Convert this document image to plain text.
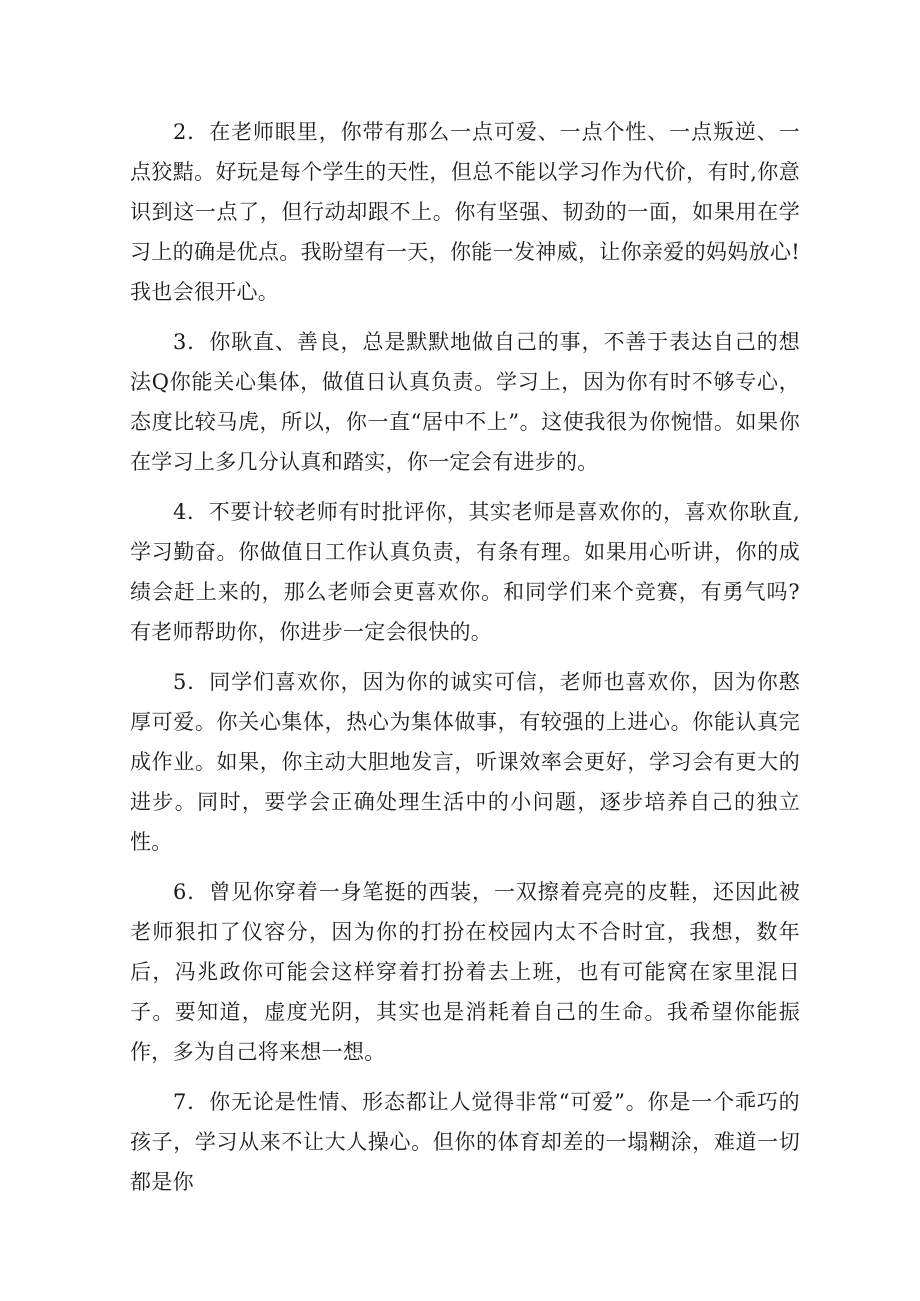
2．在老师眼里，你带有那么一点可爱、一点个性、一点叛逆、一点狡黠。好玩是每个学生的天性，但总不能以学习作为代价，有时,你意识到这一点了，但行动却跟不上。你有坚强、韧劲的一面，如果用在学习上的确是优点。我盼望有一天，你能一发神威，让你亲爱的妈妈放心!我也会很开心。

3．你耿直、善良，总是默默地做自己的事，不善于表达自己的想法Q你能关心集体，做值日认真负责。学习上，因为你有时不够专心，态度比较马虎，所以，你一直“居中不上”。这使我很为你惋惜。如果你在学习上多几分认真和踏实，你一定会有进步的。

4．不要计较老师有时批评你，其实老师是喜欢你的，喜欢你耿直,学习勤奋。你做值日工作认真负责，有条有理。如果用心听讲，你的成绩会赶上来的，那么老师会更喜欢你。和同学们来个竞赛，有勇气吗?有老师帮助你，你进步一定会很快的。

5．同学们喜欢你，因为你的诚实可信，老师也喜欢你，因为你憨厚可爱。你关心集体，热心为集体做事，有较强的上进心。你能认真完成作业。如果，你主动大胆地发言，听课效率会更好，学习会有更大的进步。同时，要学会正确处理生活中的小问题，逐步培养自己的独立性。

6．曾见你穿着一身笔挺的西装，一双擦着亮亮的皮鞋，还因此被老师狠扣了仪容分，因为你的打扮在校园内太不合时宜，我想，数年后，冯兆政你可能会这样穿着打扮着去上班，也有可能窝在家里混日子。要知道，虚度光阴，其实也是消耗着自己的生命。我希望你能振作，多为自己将来想一想。

7．你无论是性情、形态都让人觉得非常“可爱”。你是一个乖巧的孩子，学习从来不让大人操心。但你的体育却差的一塌糊涂，难道一切都是你
